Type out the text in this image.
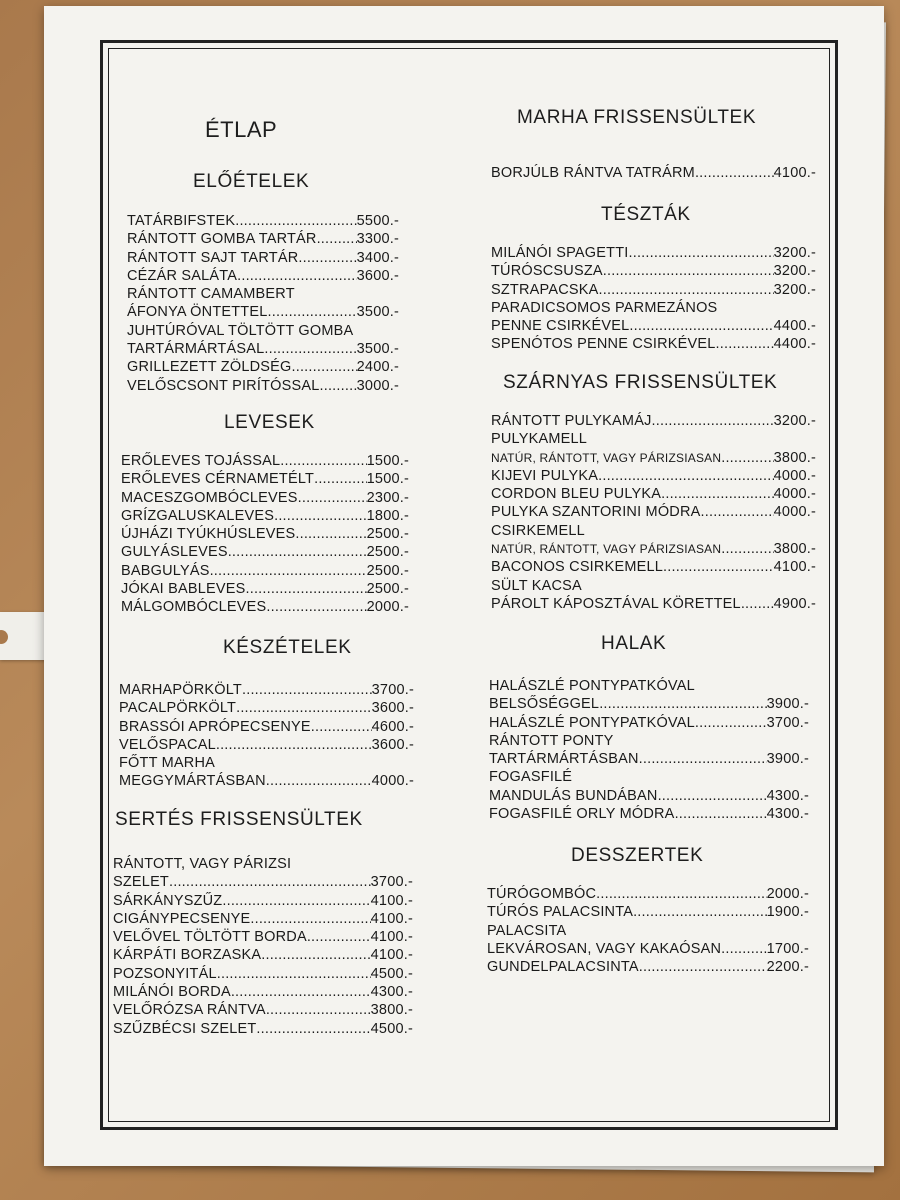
ÉTLAP
ELŐÉTELEK
TATÁRBIFSTEK .....	5500.-
RÁNTOTT GOMBA TARTÁR .....	3300.-
RÁNTOTT SAJT TARTÁR .....	3400.-
CÉZÁR SALÁTA .....	3600.-
RÁNTOTT CAMAMBERT
ÁFONYA ÖNTETTEL .....	3500.-
JUHTÚRÓVAL TÖLTÖTT GOMBA
TARTÁRMÁRTÁSAL .....	3500.-
GRILLEZETT ZÖLDSÉG .....	2400.-
VELŐSCSONT PIRÍTÓSSAL .....	3000.-
LEVESEK
ERŐLEVES TOJÁSSAL .....	1500.-
ERŐLEVES CÉRNAMETÉLT .....	1500.-
MACESZGOMBÓCLEVES .....	2300.-
GRÍZGALUSKALEVES .....	1800.-
ÚJHÁZI TYÚKHÚSLEVES .....	2500.-
GULYÁSLEVES .....	2500.-
BABGULYÁS .....	2500.-
JÓKAI BABLEVES .....	2500.-
MÁLGOMBÓCLEVES .....	2000.-
KÉSZÉTELEK
MARHAPÖRKÖLT .....	3700.-
PACALPÖRKÖLT .....	3600.-
BRASSÓI APRÓPECSENYE .....	4600.-
VELŐSPACAL .....	3600.-
FŐTT MARHA
MEGGYMÁRTÁSBAN .....	4000.-
SERTÉS FRISSENSÜLTEK
RÁNTOTT, VAGY PÁRIZSI
SZELET .....	3700.-
SÁRKÁNYSZŰZ .....	4100.-
CIGÁNYPECSENYE .....	4100.-
VELŐVEL TÖLTÖTT BORDA .....	4100.-
KÁRPÁTI BORZASKA .....	4100.-
POZSONYITÁL .....	4500.-
MILÁNÓI BORDA .....	4300.-
VELŐRÓZSA RÁNTVA .....	3800.-
SZŰZBÉCSI SZELET .....	4500.-
MARHA FRISSENSÜLTEK
BORJÚLB RÁNTVA TATRÁRM. .....	4100.-
TÉSZTÁK
MILÁNÓI SPAGETTI .....	3200.-
TÚRÓSCSUSZA .....	3200.-
SZTRAPACSKA .....	3200.-
PARADICSOMOS PARMEZÁNOS
PENNE CSIRKÉVEL .....	4400.-
SPENÓTOS PENNE CSIRKÉVEL .....	4400.-
SZÁRNYAS FRISSENSÜLTEK
RÁNTOTT PULYKAMÁJ .....	3200.-
PULYKAMELL
NATÚR, RÁNTOTT, VAGY PÁRIZSIASAN .....	3800.-
KIJEVI PULYKA .....	4000.-
CORDON BLEU PULYKA .....	4000.-
PULYKA SZANTORINI MÓDRA .....	4000.-
CSIRKEMELL
NATÚR, RÁNTOTT, VAGY PÁRIZSIASAN .....	3800.-
BACONOS CSIRKEMELL .....	4100.-
SÜLT KACSA
PÁROLT KÁPOSZTÁVAL KÖRETTEL ..... 4900.-
HALAK
HALÁSZLÉ PONTYPATKÓVAL
BELSŐSÉGGEL .....	3900.-
HALÁSZLÉ PONTYPATKÓVAL .....	3700.-
RÁNTOTT PONTY
TARTÁRMÁRTÁSBAN .....	3900.-
FOGASFILÉ
MANDULÁS BUNDÁBAN .....	4300.-
FOGASFILÉ ORLY MÓDRA .....	4300.-
DESSZERTEK
TÚRÓGOMBÓC .....	2000.-
TÚRÓS PALACSINTA .....	1900.-
PALACSITA
LEKVÁROSAN, VAGY KAKAÓSAN .....	1700.-
GUNDELPALACSINTA .....	2200.-
